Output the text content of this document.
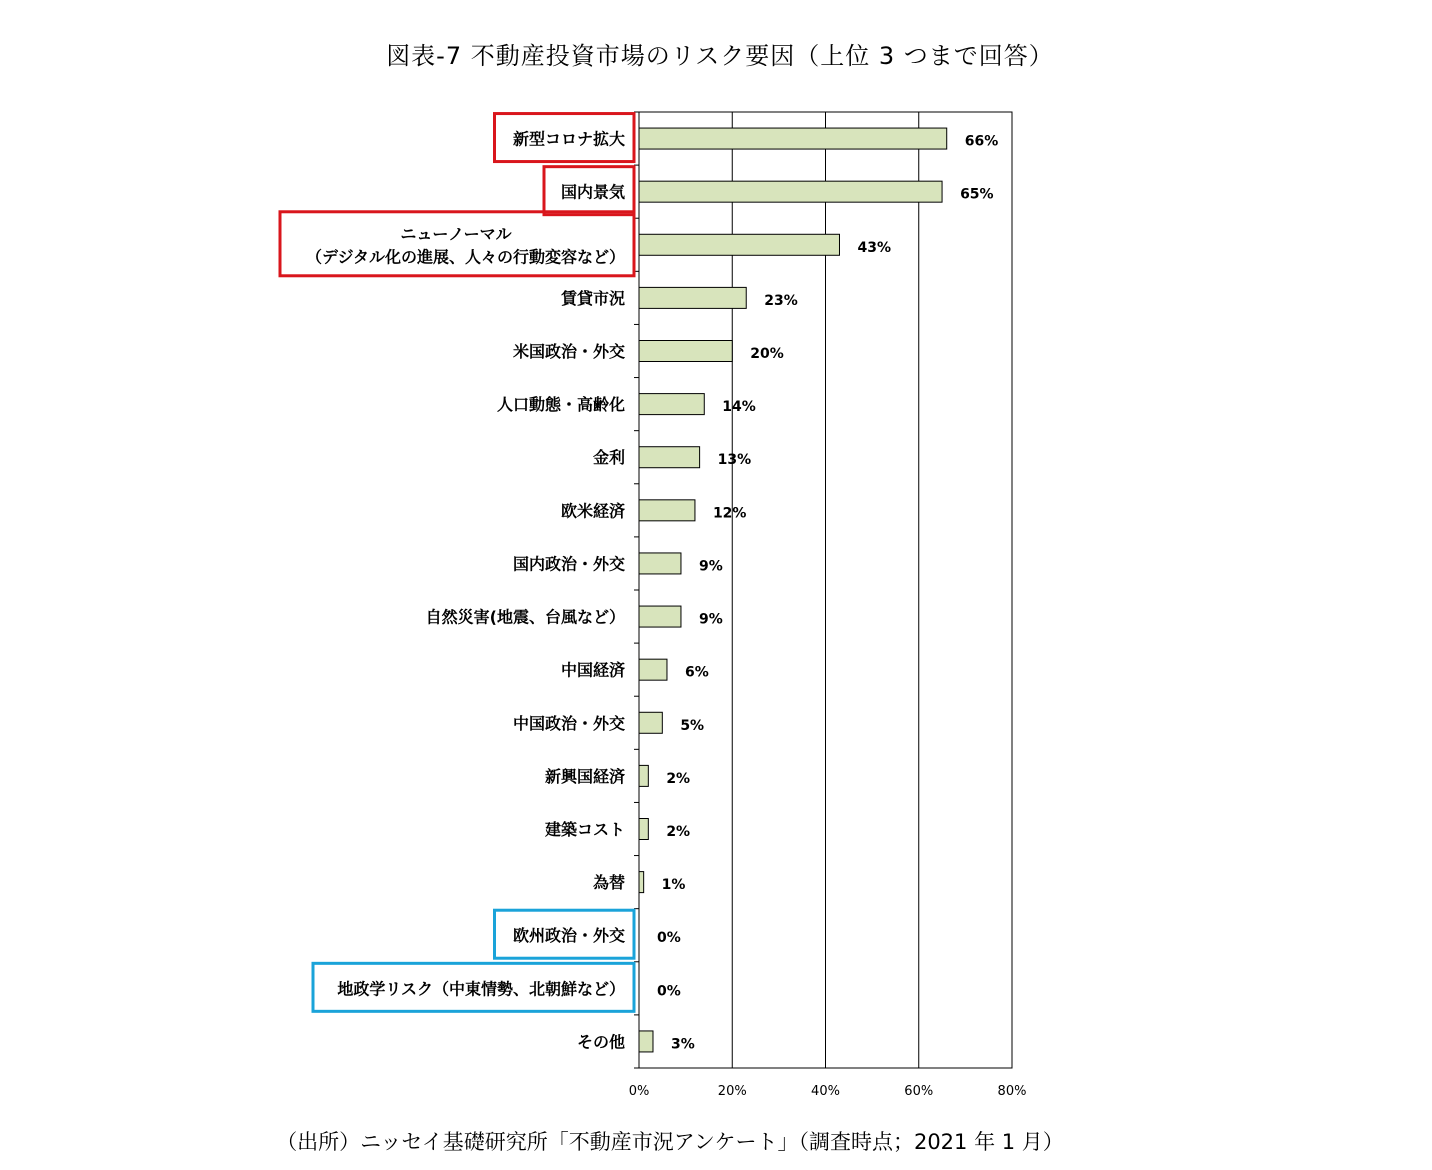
図表-7 不動産投資市場のリスク要因（上位 3 つまで回答）
新型コロナ拡大
国内景気
ニューノーマル
（デジタル化の進展、人々の行動変容など）
賃貸市況
米国政治・外交
人口動態・高齢化
金利
欧米経済
国内政治・外交
自然災害(地震、台風など）
中国経済
中国政治・外交
新興国経済
建築コスト
為替
欧州政治・外交
地政学リスク（中東情勢、北朝鮮など）
その他
66%
65%
43%
23%
20%
14%
13%
12%
9%
9%
6%
5%
2%
2%
1%
0%
0%
3%
0%	20%	40%	60%	80%
（出所）ニッセイ基礎研究所「不動産市況アンケート」（調査時点；2021 年 1 月）
